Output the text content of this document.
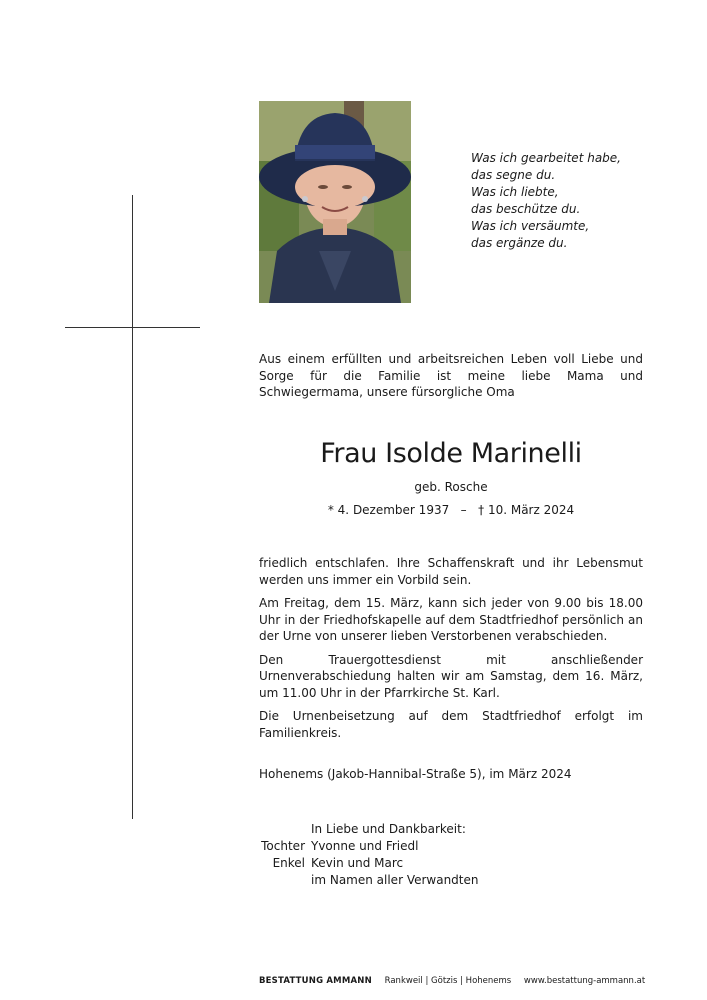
Was ich gearbeitet habe,
das segne du.
Was ich liebte,
das beschütze du.
Was ich versäumte,
das ergänze du.
Aus einem erfüllten und arbeitsreichen Leben voll Liebe und Sorge für die Familie ist meine liebe Mama und Schwiegermama, unsere fürsorgliche Oma
Frau Isolde Marinelli
geb. Rosche
* 4. Dezember 1937 – † 10. März 2024

friedlich entschlafen. Ihre Schaffenskraft und ihr Lebensmut werden uns immer ein Vorbild sein.

Am Freitag, dem 15. März, kann sich jeder von 9.00 bis 18.00 Uhr in der Friedhofskapelle auf dem Stadtfriedhof persönlich an der Urne von unserer lieben Verstorbenen verabschieden.

Den Trauergottesdienst mit anschließender Urnenverabschiedung halten wir am Samstag, dem 16. März, um 11.00 Uhr in der Pfarrkirche St. Karl.

Die Urnenbeisetzung auf dem Stadtfriedhof erfolgt im Familienkreis.

Hohenems (Jakob-Hannibal-Straße 5), im März 2024
In Liebe und Dankbarkeit:
Tochter Yvonne und Friedl
Enkel Kevin und Marc
im Namen aller Verwandten
BESTATTUNG AMMANN Rankweil | Götzis | Hohenems www.bestattung-ammann.at
